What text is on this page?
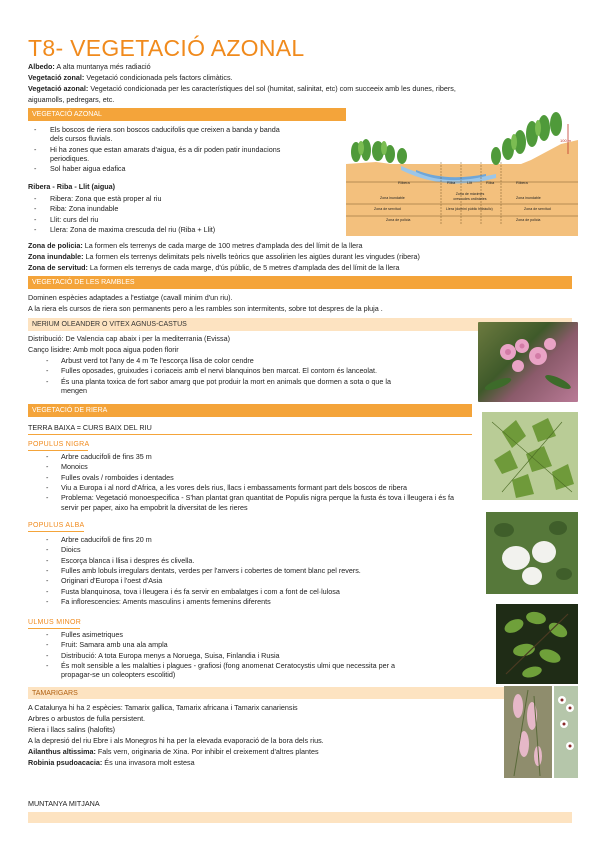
T8- VEGETACIÓ AZONAL
Albedo: A alta muntanya més radiació
Vegetació zonal: Vegetació condicionada pels factors climàtics.
Vegetació azonal: Vegetació condicionada per les característiques del sol (humitat, salinitat, etc) com succeeix amb les dunes, ribers,
aiguamolls, pedregars, etc.
VEGETACIÓ AZONAL
- Els boscos de riera son boscos caducifolis que creixen a banda y banda
dels cursos fluvials.
- Hi ha zones que estan amarats d'aigua, és a dir poden patir inundacions
periodiques.
- Sol haber aigua edafica
Ribera - Riba - Llit (aigua)
- Ribera: Zona que està proper al riu
- Riba: Zona inundable
- Llit: curs del riu
- Llera: Zona de maxima crescuda del riu (Riba + Llit)
Ribera	Riba	Llit	Riba	Ribera
Zona inundable
Zona de màximes crescudes ordinàries	Zona inundable
Zona de servitud	Llera (domini públic hidràulic)	Zona de servitud
Zona de policia	Zona de policia
100 m
Zona de policia: La formen els terrenys de cada marge de 100 metres d'amplada des del límit de la llera
Zona inundable: La formen els terrenys delimitats pels nivells teòrics que assolirien les aigües durant les vingudes (ribera)
Zona de servitud: La formen els terrenys de cada marge, d'ús públic, de 5 metres d'amplada des del límit de la llera
VEGETACIÓ DE LES RAMBLES
Dominen espècies adaptades a l'estiatge (cavall minim d'un riu).
A la riera els cursos de riera son permanents pero a les rambles son intermitents, sobre tot despres de la pluja .
NERIUM OLEANDER O VITEX AGNUS-CASTUS
Distribució: De Valencia cap abaix i per la mediterrania (Evissa)
Canço lisidre: Amb molt poca aigua poden florir
- Arbust verd tot l'any de 4 m Te l'escorça llisa de color cendre
- Fulles oposades, gruixudes i coriaceis amb el nervi blanquinos ben marcat. El contorn és lanceolat.
- És una planta toxica de fort sabor amarg que pot produir la mort en animals que dormen a sota o que la
mengen
VEGETACIÓ DE RIERA
TERRA BAIXA = CURS BAIX DEL RIU
POPULUS NIGRA
- Arbre caducifoli de fins 35 m
- Monoics
- Fulles ovals / romboides i dentades
- Viu a Europa i al nord d'Africa, a les vores dels rius, llacs i embassaments formant part dels boscos de ribera
- Problema: Vegetació monoespecifica - S'han plantat gran quantitat de Populis nigra perque la fusta és tova i lleugera i és fa
servir per paper, aixo ha empobrit la diversitat de les rieres
POPULUS ALBA
- Arbre caducifoli de fins 20 m
- Dioics
- Escorça blanca i llisa i despres és clivella.
- Fulles amb lobuls irregulars dentats, verdes per l'anvers i cobertes de toment blanc pel revers.
- Originari d'Europa i l'oest d'Asia
- Fusta blanquinosa, tova i lleugera i és fa servir en embalatges i com a font de cel·lulosa
- Fa inflorescencies: Aments masculins i aments femenins diferents
ULMUS MINOR
- Fulles asimetriques
- Fruit: Samara amb una ala ampla
- Distribució: A tota Europa menys a Noruega, Suisa, Finlandia i Rusia
- És molt sensible a les malalties i plagues - grafiosi (fong anomenat Ceratocystis ulmi que necessita per a
propagar-se un coleopters escolitid)
TAMARIGARS
A Catalunya hi ha 2 espècies: Tamarix gallica, Tamarix africana i Tamarix canariensis
Arbres o arbustos de fulla persistent.
Riera i llacs salins (halofits)
A la depresió del riu Ebre i als Monegros hi ha per la elevada evaporació de la bora dels rius.
Ailanthus altissima: Fals vern, originaria de Xina. Por inhibir el creixement d'altres plantes
Robinia psudoacacia: És una invasora molt estesa
MUNTANYA MITJANA
